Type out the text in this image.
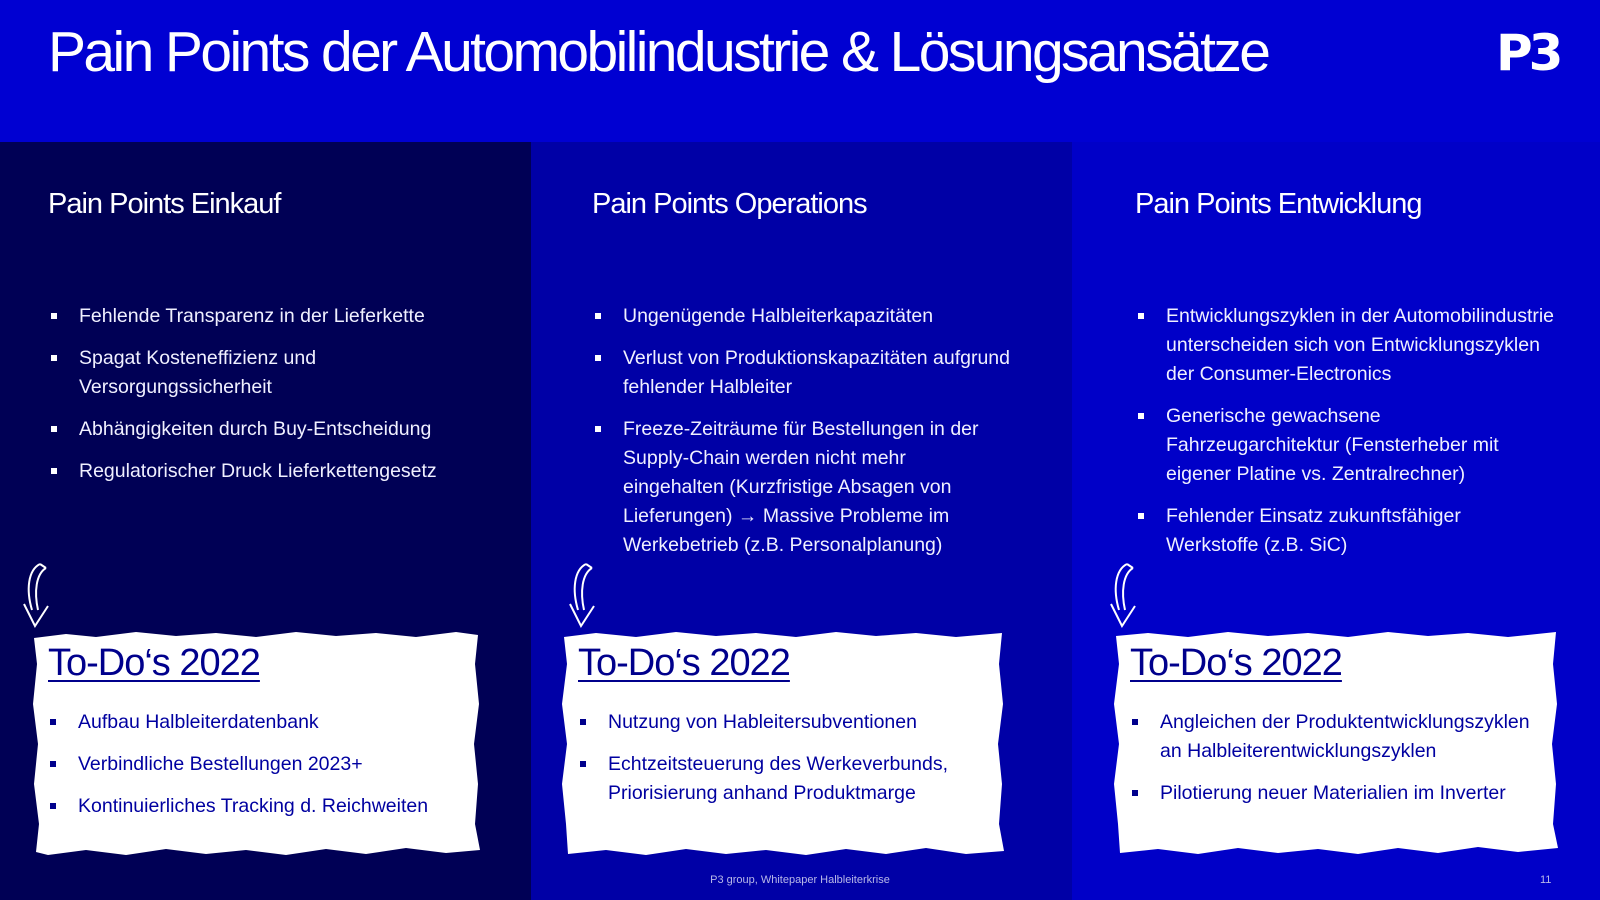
Pain Points der Automobilindustrie & Lösungsansätze	P3
Pain Points Einkauf
Fehlende Transparenz in der Lieferkette
Spagat Kosteneffizienz und Versorgungssicherheit
Abhängigkeiten durch Buy-Entscheidung
Regulatorischer Druck Lieferkettengesetz
To-Do‘s 2022
Aufbau Halbleiterdatenbank
Verbindliche Bestellungen 2023+
Kontinuierliches Tracking d. Reichweiten
Pain Points Operations
Ungenügende Halbleiterkapazitäten
Verlust von Produktionskapazitäten aufgrund fehlender Halbleiter
Freeze-Zeiträume für Bestellungen in der Supply-Chain werden nicht mehr eingehalten (Kurzfristige Absagen von Lieferungen) → Massive Probleme im Werkebetrieb (z.B. Personalplanung)
To-Do‘s 2022
Nutzung von Hableitersubventionen
Echtzeitsteuerung des Werkeverbunds, Priorisierung anhand Produktmarge
Pain Points Entwicklung
Entwicklungszyklen in der Automobilindustrie unterscheiden sich von Entwicklungszyklen der Consumer-Electronics
Generische gewachsene Fahrzeugarchitektur (Fensterheber mit eigener Platine vs. Zentralrechner)
Fehlender Einsatz zukunftsfähiger Werkstoffe (z.B. SiC)
To-Do‘s 2022
Angleichen der Produktentwicklungszyklen an Halbleiterentwicklungszyklen
Pilotierung neuer Materialien im Inverter
P3 group, Whitepaper Halbleiterkrise	11
